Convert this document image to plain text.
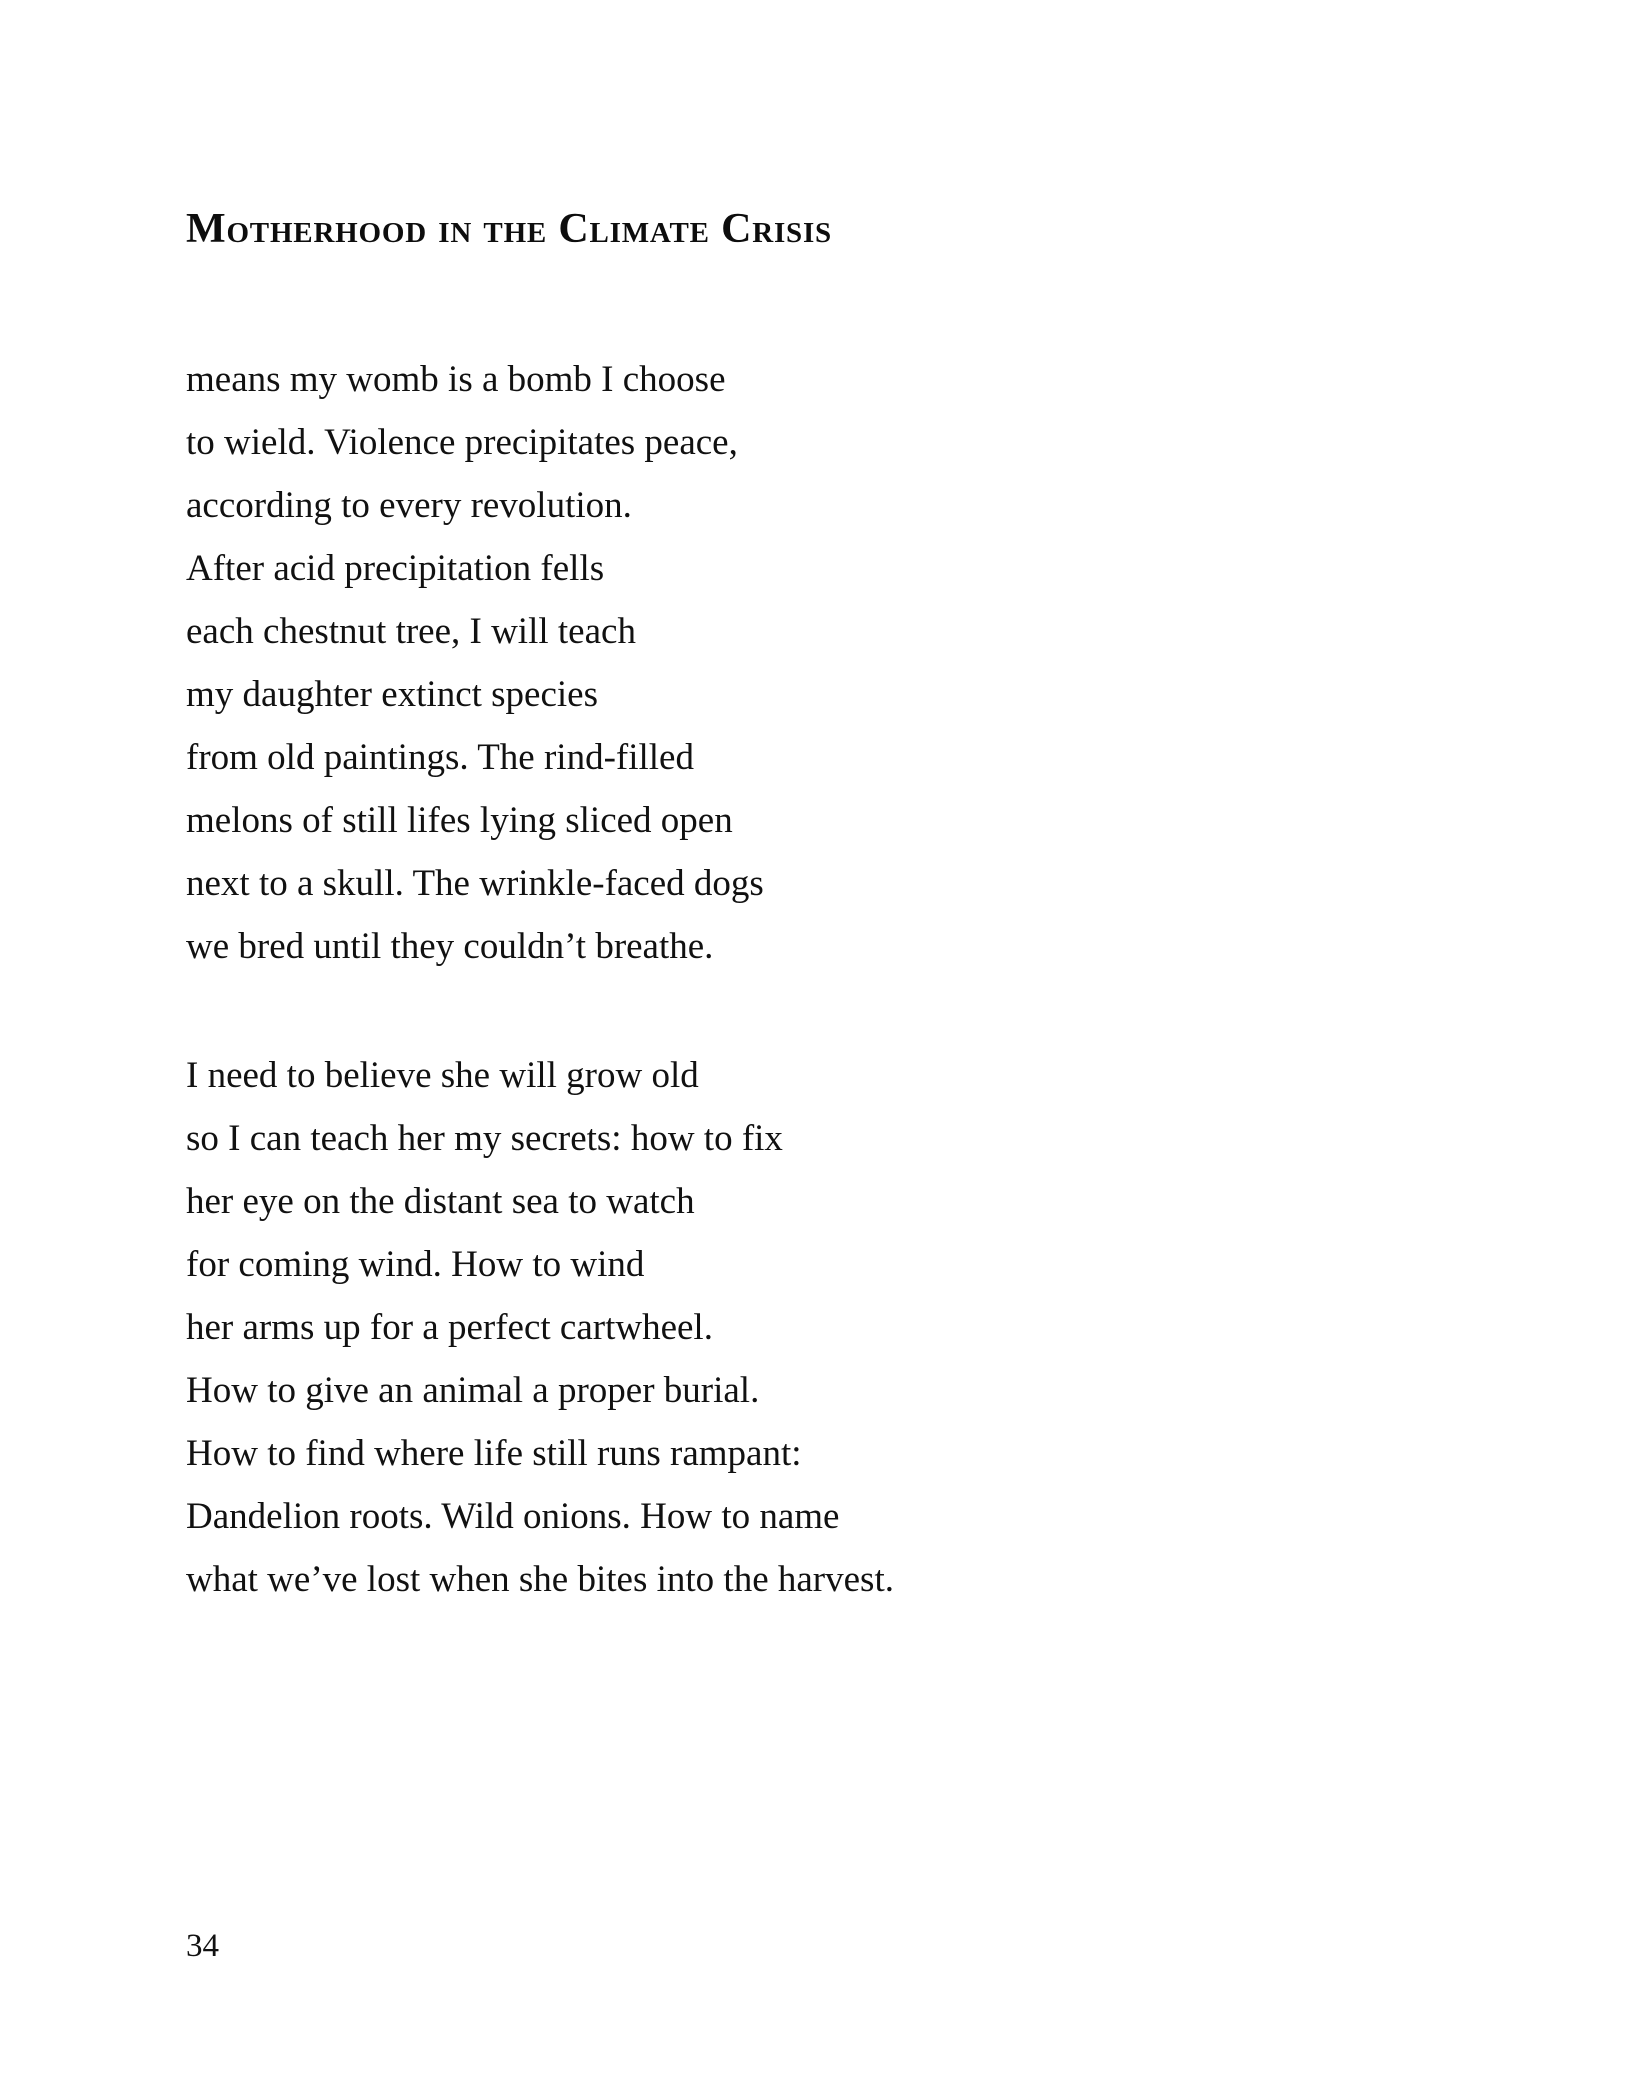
Motherhood in the Climate Crisis
means my womb is a bomb I choose
to wield. Violence precipitates peace,
according to every revolution.
After acid precipitation fells
each chestnut tree, I will teach
my daughter extinct species
from old paintings. The rind-filled
melons of still lifes lying sliced open
next to a skull. The wrinkle-faced dogs
we bred until they couldn’t breathe.
I need to believe she will grow old
so I can teach her my secrets: how to fix
her eye on the distant sea to watch
for coming wind. How to wind
her arms up for a perfect cartwheel.
How to give an animal a proper burial.
How to find where life still runs rampant:
Dandelion roots. Wild onions. How to name
what we’ve lost when she bites into the harvest.
34
